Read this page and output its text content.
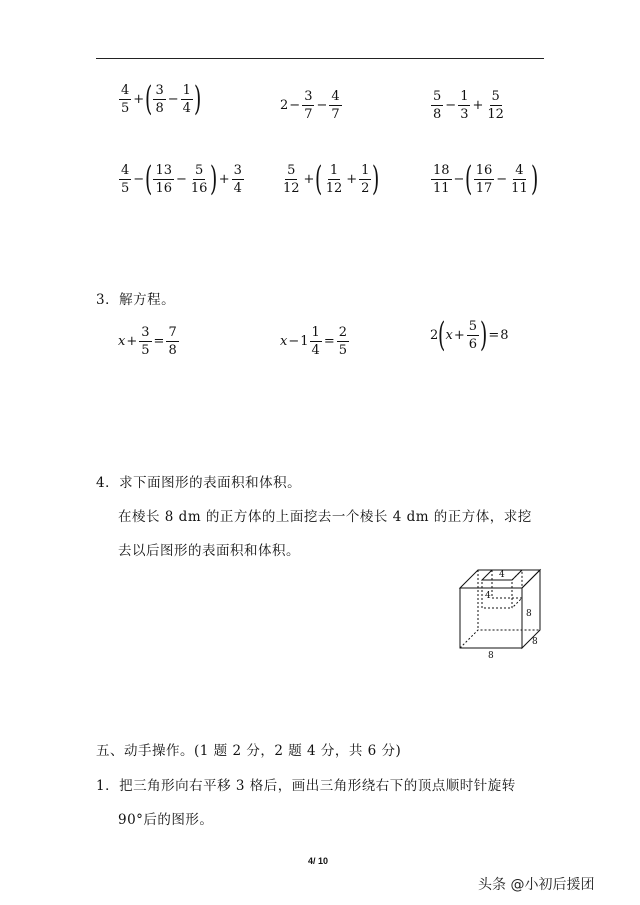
$\frac{4}{5}$ + ( $\frac{3}{8} - \frac{1}{4}$ )	$2 - \frac{3}{7} - \frac{4}{7}$	$\frac{5}{8} - \frac{1}{3} + \frac{5}{12}$
$\frac{4}{5}$ − ( $\frac{13}{16} - \frac{5}{16}$ ) + $\frac{3}{4}$	$\frac{5}{12}$ + ( $\frac{1}{12} + \frac{1}{2}$ )	$\frac{18}{11}$ − ( $\frac{16}{17} - \frac{4}{11}$ )
3．解方程。
$x + \frac{3}{5} = \frac{7}{8}$	$x - 1 \frac{1}{4} = \frac{2}{5}$	2 ( $x + \frac{5}{6}$ ) = 8
4．求下面图形的表面积和体积。
在棱长 8 dm 的正方体的上面挖去一个棱长 4 dm 的正方体，求挖
去以后图形的表面积和体积。
4
4
8
8
8
五、动手操作。(1 题 2 分，2 题 4 分，共 6 分)
1．把三角形向右平移 3 格后，画出三角形绕右下的顶点顺时针旋转
90°后的图形。
4/ 10
头条 @小初后援团
